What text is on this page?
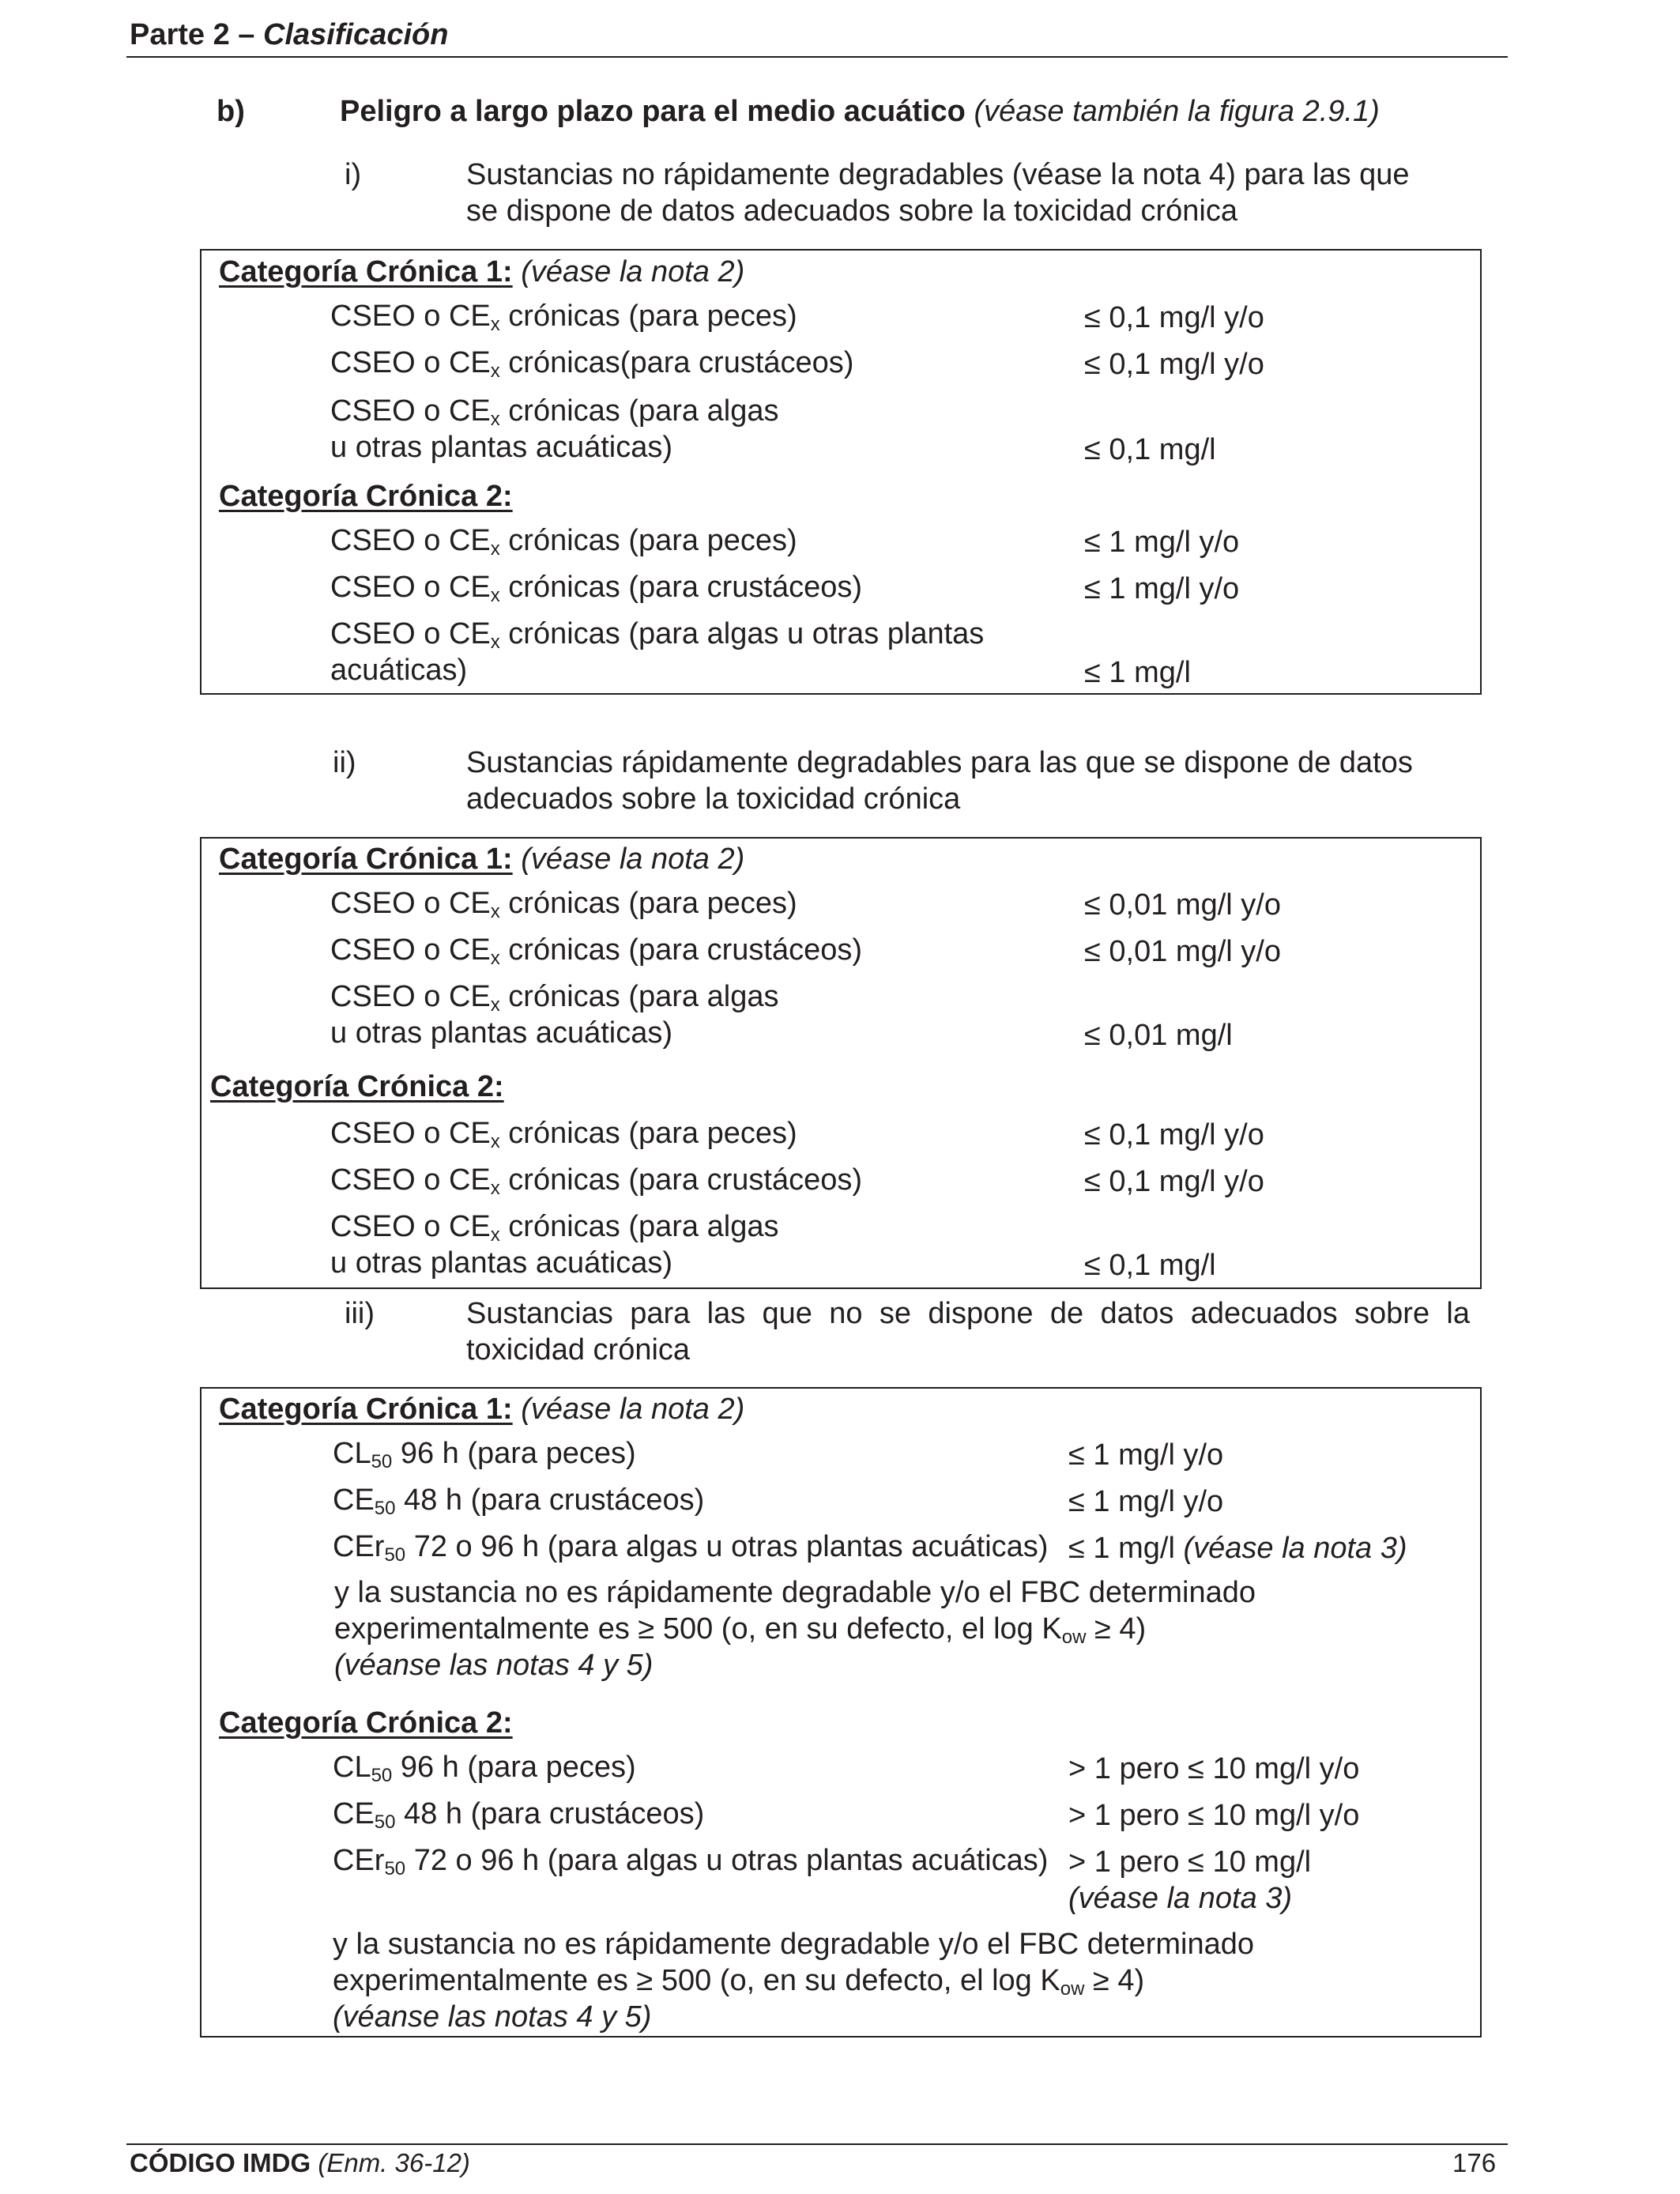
Parte 2 – Clasificación
b)	Peligro a largo plazo para el medio acuático (véase también la figura 2.9.1)
i)	Sustancias no rápidamente degradables (véase la nota 4) para las que
se dispone de datos adecuados sobre la toxicidad crónica
Categoría Crónica 1: (véase la nota 2)
CSEO o $CE_x$ crónicas (para peces)	≤ 0,1 mg/l y/o
CSEO o $CE_x$ crónicas(para crustáceos)	≤ 0,1 mg/l y/o
CSEO o $CE_x$ crónicas (para algas
u otras plantas acuáticas)	≤ 0,1 mg/l
Categoría Crónica 2:
CSEO o $CE_x$ crónicas (para peces)	≤ 1 mg/l y/o
CSEO o $CE_x$ crónicas (para crustáceos)	≤ 1 mg/l y/o
CSEO o $CE_x$ crónicas (para algas u otras plantas
acuáticas)	≤ 1 mg/l
ii)	Sustancias rápidamente degradables para las que se dispone de datos
adecuados sobre la toxicidad crónica
Categoría Crónica 1: (véase la nota 2)
CSEO o $CE_x$ crónicas (para peces)	≤ 0,01 mg/l y/o
CSEO o $CE_x$ crónicas (para crustáceos)	≤ 0,01 mg/l y/o
CSEO o $CE_x$ crónicas (para algas
u otras plantas acuáticas)	≤ 0,01 mg/l
Categoría Crónica 2:
CSEO o $CE_x$ crónicas (para peces)	≤ 0,1 mg/l y/o
CSEO o $CE_x$ crónicas (para crustáceos)	≤ 0,1 mg/l y/o
CSEO o $CE_x$ crónicas (para algas
u otras plantas acuáticas)	≤ 0,1 mg/l
iii)	Sustancias para las que no se dispone de datos adecuados sobre la
toxicidad crónica
Categoría Crónica 1: (véase la nota 2)
$CL_{50}$ 96 h (para peces)	≤ 1 mg/l y/o
$CE_{50}$ 48 h (para crustáceos)	≤ 1 mg/l y/o
CEr$_{50}$ 72 o 96 h (para algas u otras plantas acuáticas) ≤ 1 mg/l (véase la nota 3)
y la sustancia no es rápidamente degradable y/o el FBC determinado
experimentalmente es ≥ 500 (o, en su defecto, el $\log K_{ow} \ge 4$)
(véanse las notas 4 y 5)
Categoría Crónica 2:
$CL_{50}$ 96 h (para peces)	> 1 pero ≤ 10 mg/l y/o
$CE_{50}$ 48 h (para crustáceos)	> 1 pero ≤ 10 mg/l y/o
CEr$_{50}$ 72 o 96 h (para algas u otras plantas acuáticas) > 1 pero ≤ 10 mg/l
(véase la nota 3)
y la sustancia no es rápidamente degradable y/o el FBC determinado
experimentalmente es ≥ 500 (o, en su defecto, el $\log K_{ow} \ge 4$)
(véanse las notas 4 y 5)
CÓDIGO IMDG (Enm. 36-12)	176
